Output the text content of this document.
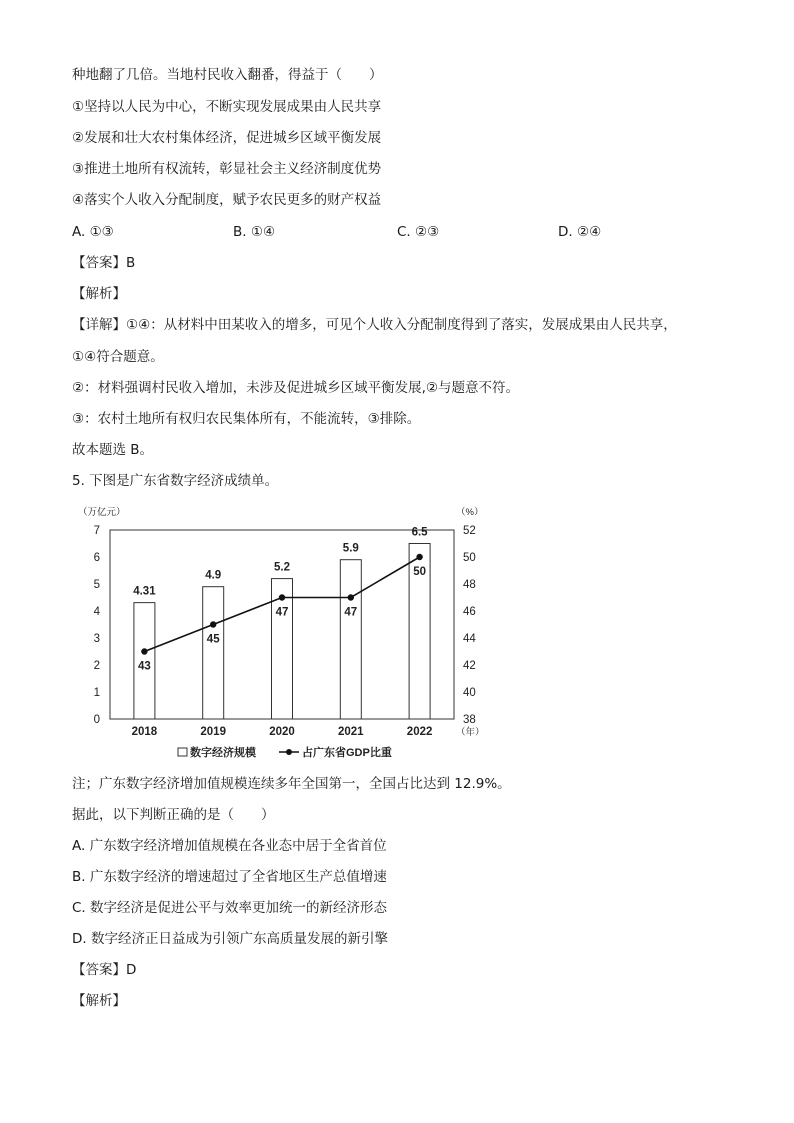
种地翻了几倍。当地村民收入翻番，得益于（　　）
①坚持以人民为中心，不断实现发展成果由人民共享
②发展和壮大农村集体经济，促进城乡区域平衡发展
③推进土地所有权流转，彰显社会主义经济制度优势
④落实个人收入分配制度，赋予农民更多的财产权益
A. ①③	B. ①④	C. ②③	D. ②④
【答案】B
【解析】
【详解】①④：从材料中田某收入的增多，可见个人收入分配制度得到了落实，发展成果由人民共享，
①④符合题意。
②：材料强调村民收入增加，未涉及促进城乡区域平衡发展,②与题意不符。
③：农村土地所有权归农民集体所有，不能流转，③排除。
故本题选 B。
5. 下图是广东省数字经济成绩单。
0
1
2
3
4
5
6
7
38
40
42
44
46
48
50
52
（万亿元）	（%）
2018	2019	2020	2021	2022 （年）
4.31
4.9
5.2
5.9
6.5
43
45
47	47
50
数字经济规模	占广东省GDP比重
注；广东数字经济增加值规模连续多年全国第一，全国占比达到 12.9%。
据此，以下判断正确的是（　　）
A. 广东数字经济增加值规模在各业态中居于全省首位
B. 广东数字经济的增速超过了全省地区生产总值增速
C. 数字经济是促进公平与效率更加统一的新经济形态
D. 数字经济正日益成为引领广东高质量发展的新引擎
【答案】D
【解析】
